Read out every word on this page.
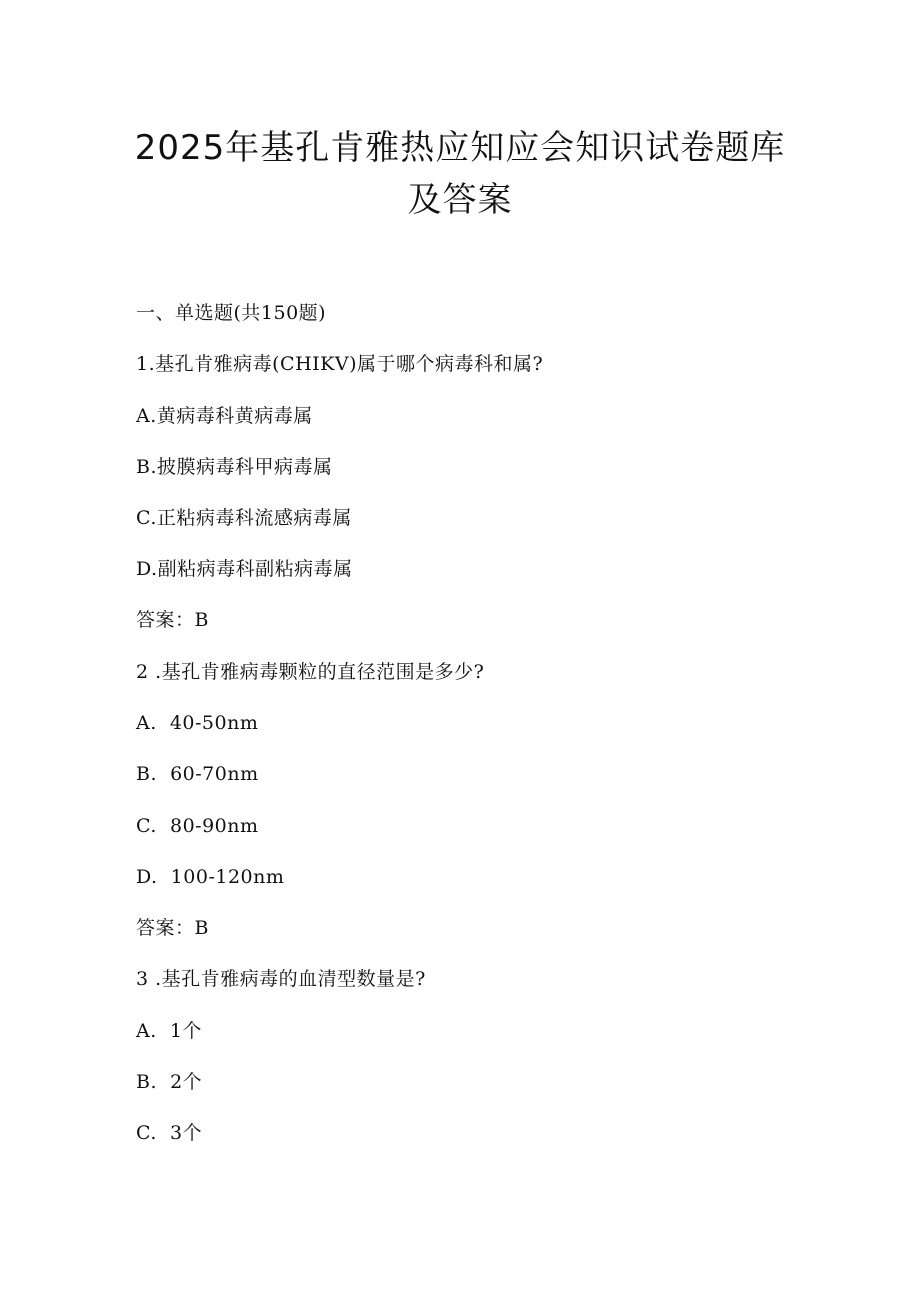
2025年基孔肯雅热应知应会知识试卷题库
及答案
一、单选题(共150题)
1.基孔肯雅病毒(CHIKV)属于哪个病毒科和属?
A.黄病毒科黄病毒属
B.披膜病毒科甲病毒属
C.正粘病毒科流感病毒属
D.副粘病毒科副粘病毒属
答案：B
2 .基孔肯雅病毒颗粒的直径范围是多少?
A.  40-50nm
B.  60-70nm
C.  80-90nm
D.  100-120nm
答案：B
3 .基孔肯雅病毒的血清型数量是?
A.  1个
B.  2个
C.  3个
